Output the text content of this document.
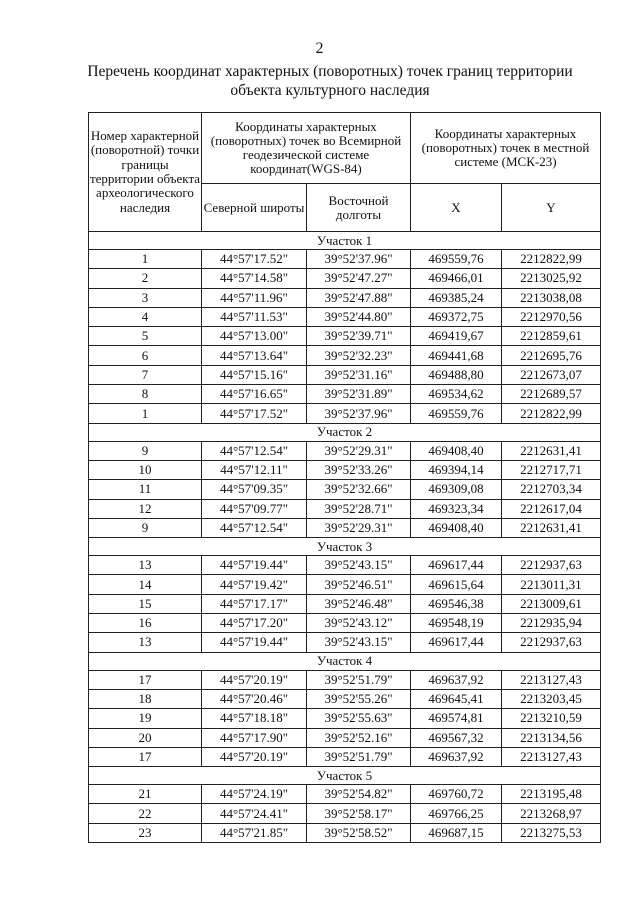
2
Перечень координат характерных (поворотных) точек границ территории
объекта культурного наследия
Номер характерной (поворотной) точки границы территории объекта археологического наследия	Координаты характерных (поворотных) точек во Всемирной геодезической системе координат(WGS-84)		Координаты характерных (поворотных) точек в местной системе (МСК-23)	
	Северной широты	Восточной долготы	X	Y
Участок 1				
1	44°57'17.52"	39°52'37.96"	469559,76	2212822,99
2	44°57'14.58"	39°52'47.27"	469466,01	2213025,92
3	44°57'11.96"	39°52'47.88"	469385,24	2213038,08
4	44°57'11.53"	39°52'44.80"	469372,75	2212970,56
5	44°57'13.00"	39°52'39.71"	469419,67	2212859,61
6	44°57'13.64"	39°52'32.23"	469441,68	2212695,76
7	44°57'15.16"	39°52'31.16"	469488,80	2212673,07
8	44°57'16.65"	39°52'31.89"	469534,62	2212689,57
1	44°57'17.52"	39°52'37.96"	469559,76	2212822,99
Участок 2				
9	44°57'12.54"	39°52'29.31"	469408,40	2212631,41
10	44°57'12.11"	39°52'33.26"	469394,14	2212717,71
11	44°57'09.35"	39°52'32.66"	469309,08	2212703,34
12	44°57'09.77"	39°52'28.71"	469323,34	2212617,04
9	44°57'12.54"	39°52'29.31"	469408,40	2212631,41
Участок 3				
13	44°57'19.44"	39°52'43.15"	469617,44	2212937,63
14	44°57'19.42"	39°52'46.51"	469615,64	2213011,31
15	44°57'17.17"	39°52'46.48"	469546,38	2213009,61
16	44°57'17.20"	39°52'43.12"	469548,19	2212935,94
13	44°57'19.44"	39°52'43.15"	469617,44	2212937,63
Участок 4				
17	44°57'20.19"	39°52'51.79"	469637,92	2213127,43
18	44°57'20.46"	39°52'55.26"	469645,41	2213203,45
19	44°57'18.18"	39°52'55.63"	469574,81	2213210,59
20	44°57'17.90"	39°52'52.16"	469567,32	2213134,56
17	44°57'20.19"	39°52'51.79"	469637,92	2213127,43
Участок 5				
21	44°57'24.19"	39°52'54.82"	469760,72	2213195,48
22	44°57'24.41"	39°52'58.17"	469766,25	2213268,97
23	44°57'21.85"	39°52'58.52"	469687,15	2213275,53
